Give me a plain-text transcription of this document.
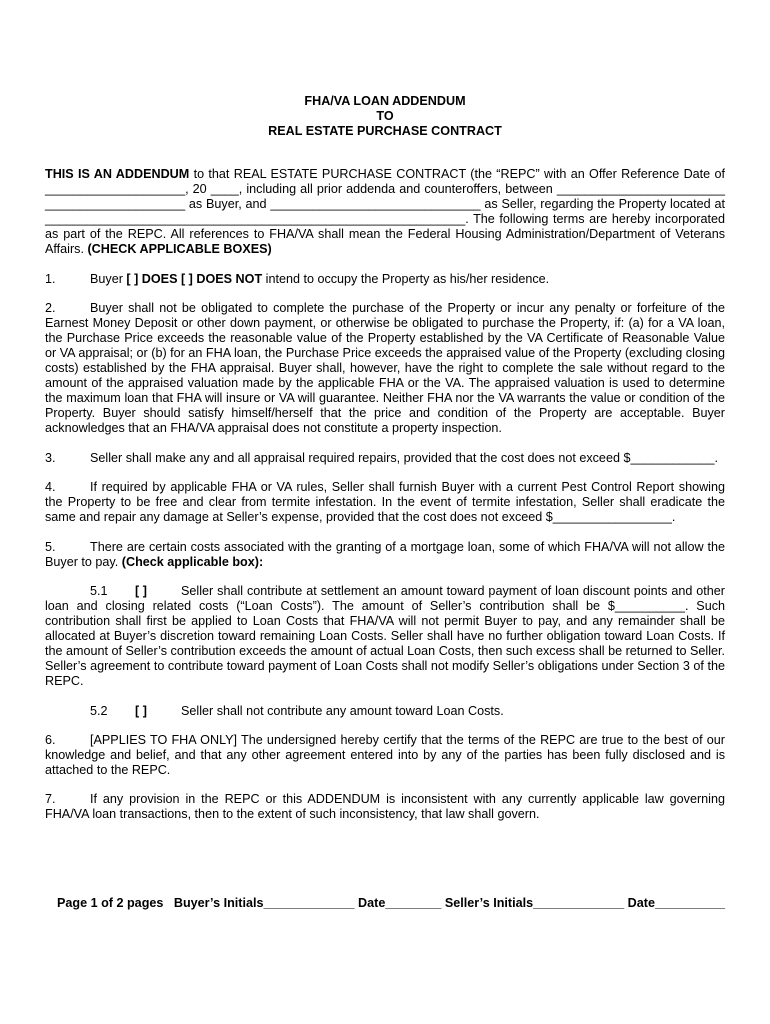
FHA/VA LOAN ADDENDUM
TO
REAL ESTATE PURCHASE CONTRACT
THIS IS AN ADDENDUM to that REAL ESTATE PURCHASE CONTRACT (the “REPC” with an Offer Reference Date of ____________________, 20 ____, including all prior addenda and counteroffers, between ________________________ ____________________ as Buyer, and ______________________________ as Seller, regarding the Property located at ____________________________________________________________. The following terms are hereby incorporated as part of the REPC. All references to FHA/VA shall mean the Federal Housing Administration/Department of Veterans Affairs. (CHECK APPLICABLE BOXES)
1.	Buyer [ ] DOES [ ] DOES NOT intend to occupy the Property as his/her residence.
2.	Buyer shall not be obligated to complete the purchase of the Property or incur any penalty or forfeiture of the Earnest Money Deposit or other down payment, or otherwise be obligated to purchase the Property, if: (a) for a VA loan, the Purchase Price exceeds the reasonable value of the Property established by the VA Certificate of Reasonable Value or VA appraisal; or (b) for an FHA loan, the Purchase Price exceeds the appraised value of the Property (excluding closing costs) established by the FHA appraisal. Buyer shall, however, have the right to complete the sale without regard to the amount of the appraised valuation made by the applicable FHA or the VA. The appraised valuation is used to determine the maximum loan that FHA will insure or VA will guarantee. Neither FHA nor the VA warrants the value or condition of the Property. Buyer should satisfy himself/herself that the price and condition of the Property are acceptable. Buyer acknowledges that an FHA/VA appraisal does not constitute a property inspection.
3.	Seller shall make any and all appraisal required repairs, provided that the cost does not exceed $____________.
4.	If required by applicable FHA or VA rules, Seller shall furnish Buyer with a current Pest Control Report showing the Property to be free and clear from termite infestation. In the event of termite infestation, Seller shall eradicate the same and repair any damage at Seller’s expense, provided that the cost does not exceed $_________________.
5.	There are certain costs associated with the granting of a mortgage loan, some of which FHA/VA will not allow the Buyer to pay. (Check applicable box):
5.1 [ ]	Seller shall contribute at settlement an amount toward payment of loan discount points and other loan and closing related costs (“Loan Costs”). The amount of Seller’s contribution shall be $__________. Such contribution shall first be applied to Loan Costs that FHA/VA will not permit Buyer to pay, and any remainder shall be allocated at Buyer’s discretion toward remaining Loan Costs. Seller shall have no further obligation toward Loan Costs. If the amount of Seller’s contribution exceeds the amount of actual Loan Costs, then such excess shall be returned to Seller. Seller’s agreement to contribute toward payment of Loan Costs shall not modify Seller’s obligations under Section 3 of the REPC.
5.2 [ ]	Seller shall not contribute any amount toward Loan Costs.
6.	[APPLIES TO FHA ONLY] The undersigned hereby certify that the terms of the REPC are true to the best of our knowledge and belief, and that any other agreement entered into by any of the parties has been fully disclosed and is attached to the REPC.
7.	If any provision in the REPC or this ADDENDUM is inconsistent with any currently applicable law governing FHA/VA loan transactions, then to the extent of such inconsistency, that law shall govern.
Page 1 of 2 pages Buyer’s Initials_____________ Date________ Seller’s Initials_____________ Date__________
